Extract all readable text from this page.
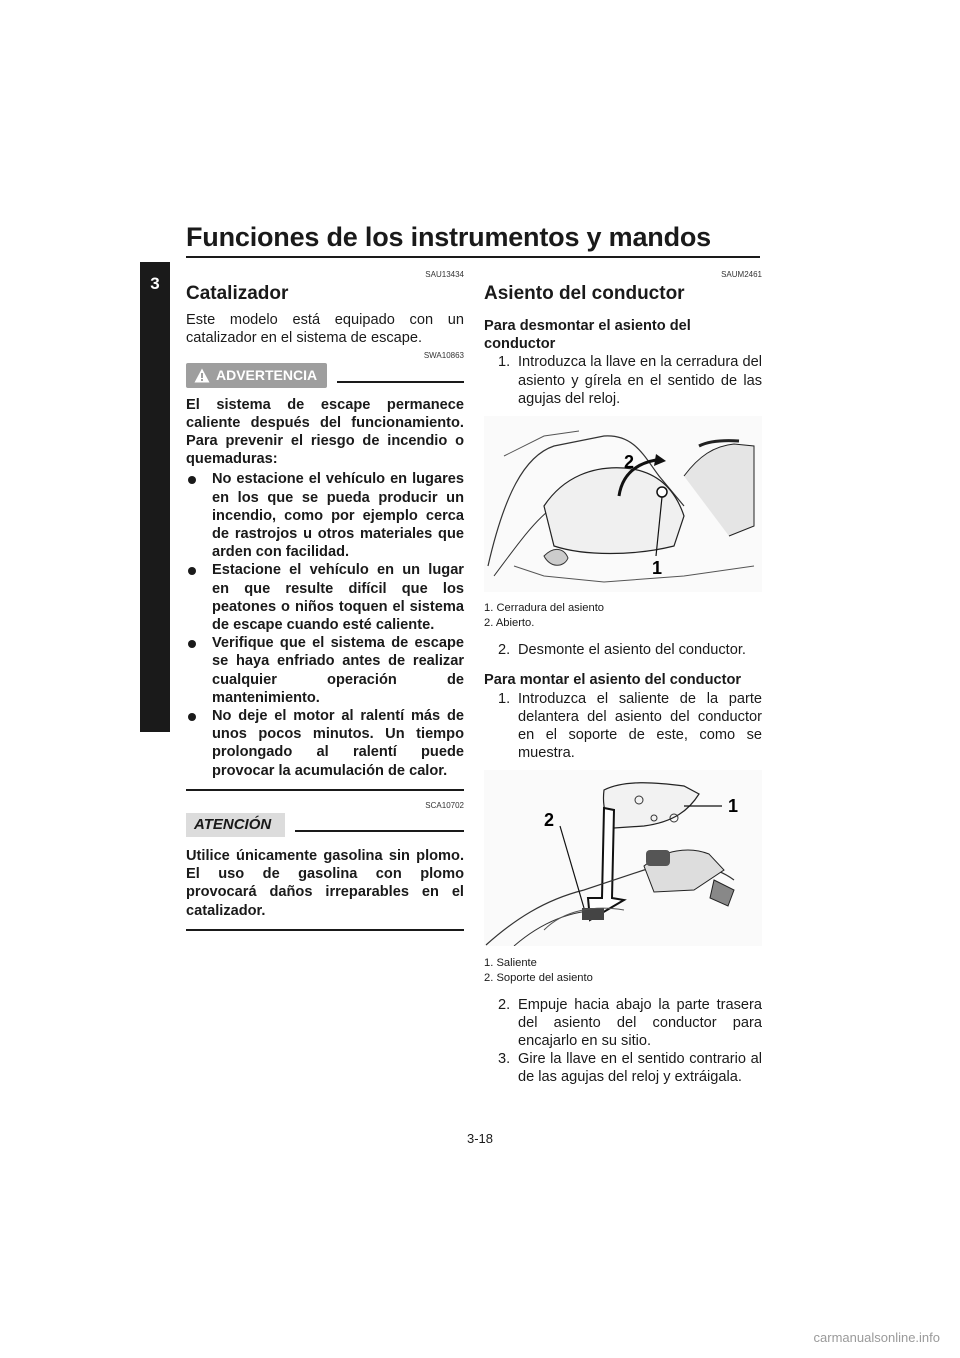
Funciones de los instrumentos y mandos
3	SAU13434
Catalizador

Este modelo está equipado con un catalizador en el sistema de escape.

SWA10863
ADVERTENCIA

El sistema de escape permanece caliente después del funcionamiento. Para prevenir el riesgo de incendio o quemaduras:

No estacione el vehículo en lugares en los que se pueda producir un incendio, como por ejemplo cerca de rastrojos u otros materiales que arden con facilidad.
Estacione el vehículo en un lugar en que resulte difícil que los peatones o niños toquen el sistema de escape cuando esté caliente.
Verifique que el sistema de escape se haya enfriado antes de realizar cualquier operación de mantenimiento.
No deje el motor al ralentí más de unos pocos minutos. Un tiempo prolongado al ralentí puede provocar la acumulación de calor.
SCA10702
ATENCIÓN

Utilice únicamente gasolina sin plomo. El uso de gasolina con plomo provocará daños irreparables en el catalizador.

SAUM2461
Asiento del conductor
Para desmontar el asiento del conductor
1. Introduzca la llave en la cerradura del asiento y gírela en el sentido de las agujas del reloj.
2
1
1. Cerradura del asiento
2. Abierto.
2. Desmonte el asiento del conductor.
Para montar el asiento del conductor
1. Introduzca el saliente de la parte delantera del asiento del conductor en el soporte de este, como se muestra.
1
2
1. Saliente
2. Soporte del asiento
2. Empuje hacia abajo la parte trasera del asiento del conductor para encajarlo en su sitio.
3. Gire la llave en el sentido contrario al de las agujas del reloj y extráigala.
3-18
carmanualsonline.info
